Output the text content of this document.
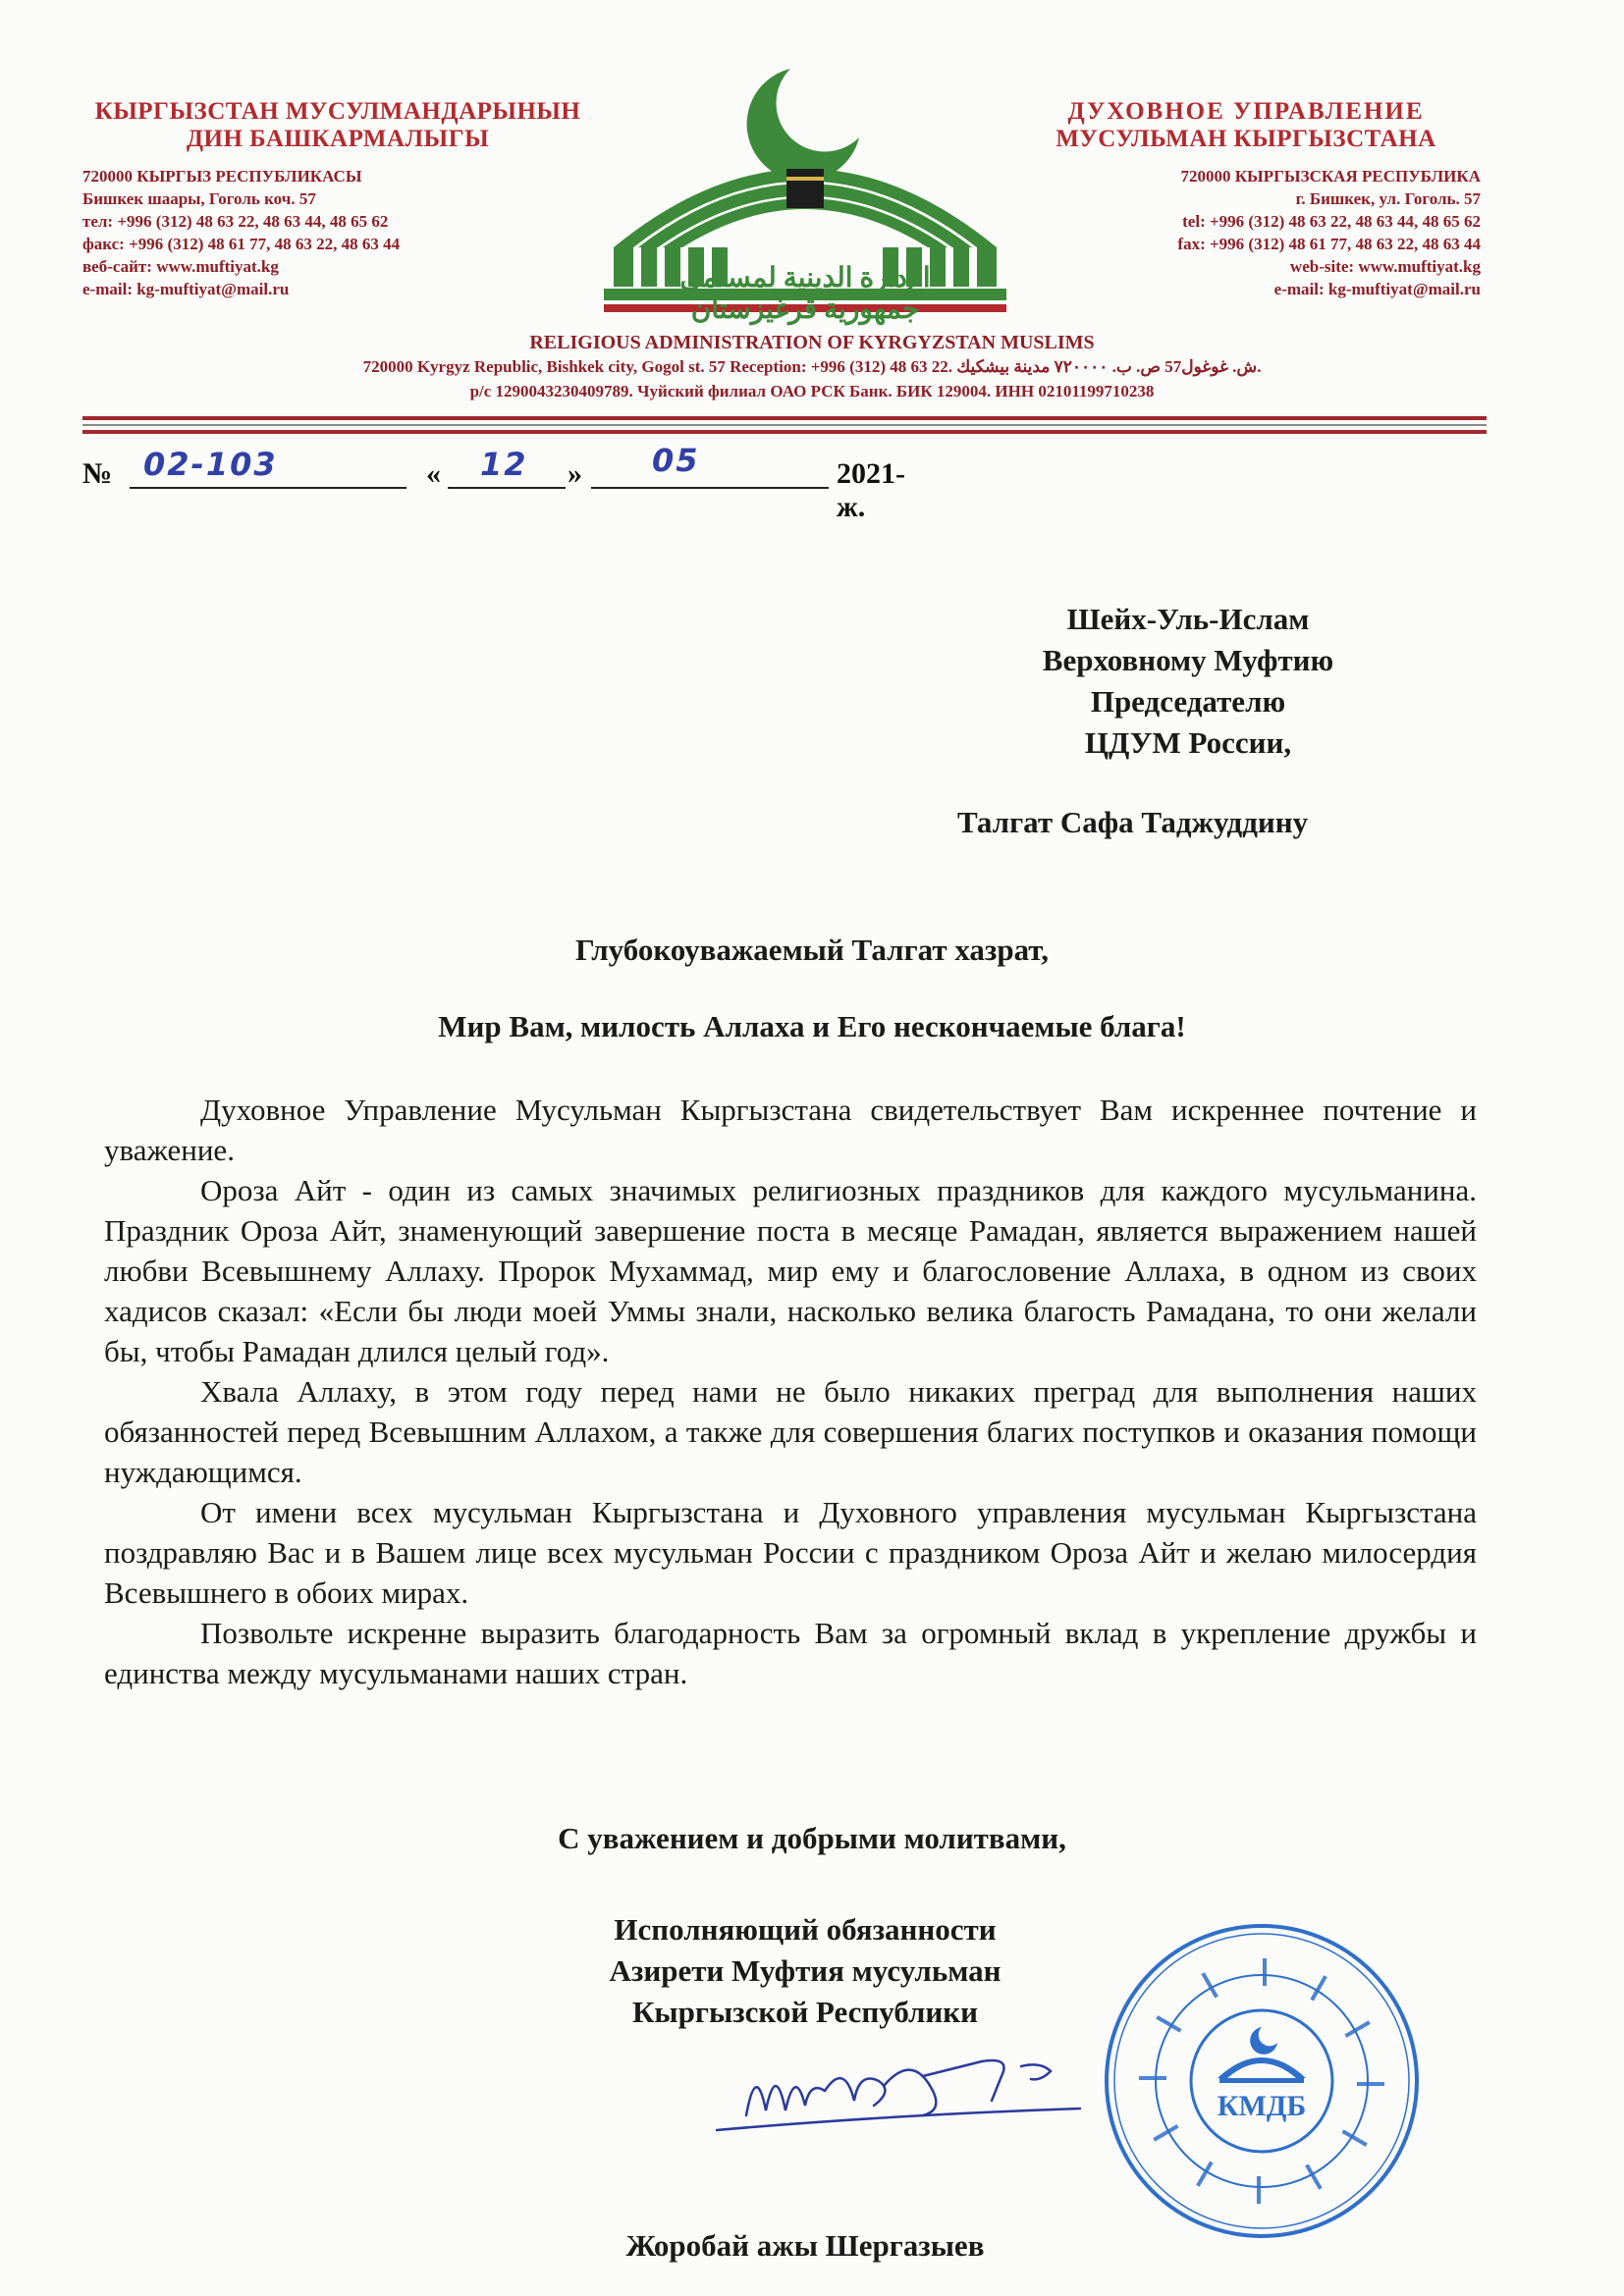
КЫРГЫЗСТАН МУСУЛМАНДАРЫНЫН
ДИН БАШКАРМАЛЫГЫ
720000 КЫРГЫЗ РЕСПУБЛИКАСЫ
Бишкек шаары, Гоголь коч. 57
тел: +996 (312) 48 63 22, 48 63 44, 48 65 62
факс: +996 (312) 48 61 77, 48 63 22, 48 63 44
веб-сайт: www.muftiyat.kg
e-mail: kg-muftiyat@mail.ru	الإدارة الدينية لمسلمي
جمهورية قرغيزستان
ДУХОВНОЕ УПРАВЛЕНИЕ
МУСУЛЬМАН КЫРГЫЗСТАНА
720000 КЫРГЫЗСКАЯ РЕСПУБЛИКА
г. Бишкек, ул. Гоголь. 57
tel: +996 (312) 48 63 22, 48 63 44, 48 65 62
fax: +996 (312) 48 61 77, 48 63 22, 48 63 44
web-site: www.muftiyat.kg
e-mail: kg-muftiyat@mail.ru
RELIGIOUS ADMINISTRATION OF KYRGYZSTAN MUSLIMS
720000 Kyrgyz Republic, Bishkek city, Gogol st. 57 Reception: +996 (312) 48 63 22. ش. غوغول57 ص. ب. ۷۲۰۰۰۰ مدينة بيشكيك.
р/с 1290043230409789. Чуйский филиал ОАО РСК Банк. БИК 129004. ИНН 02101199710238
№ 02-103	« 12 » 05	2021-ж.
Шейх-Уль-Ислам
Верховному Муфтию
Председателю
ЦДУМ России,
Талгат Сафа Таджуддину
Глубокоуважаемый Талгат хазрат,
Мир Вам, милость Аллаха и Его нескончаемые блага!

Духовное Управление Мусульман Кыргызстана свидетельствует Вам искреннее почтение и уважение.

Ороза Айт - один из самых значимых религиозных праздников для каждого мусульманина. Праздник Ороза Айт, знаменующий завершение поста в месяце Рамадан, является выражением нашей любви Всевышнему Аллаху. Пророк Мухаммад, мир ему и благословение Аллаха, в одном из своих хадисов сказал: «Если бы люди моей Уммы знали, насколько велика благость Рамадана, то они желали бы, чтобы Рамадан длился целый год».

Хвала Аллаху, в этом году перед нами не было никаких преград для выполнения наших обязанностей перед Всевышним Аллахом, а также для совершения благих поступков и оказания помощи нуждающимся.

От имени всех мусульман Кыргызстана и Духовного управления мусульман Кыргызстана поздравляю Вас и в Вашем лице всех мусульман России с праздником Ороза Айт и желаю милосердия Всевышнего в обоих мирах.

Позвольте искренне выразить благодарность Вам за огромный вклад в укрепление дружбы и единства между мусульманами наших стран.

С уважением и добрыми молитвами,
Исполняющий обязанности
Азирети Муфтия мусульман
Кыргызской Республики
Жоробай ажы Шергазыев
КМДБ
